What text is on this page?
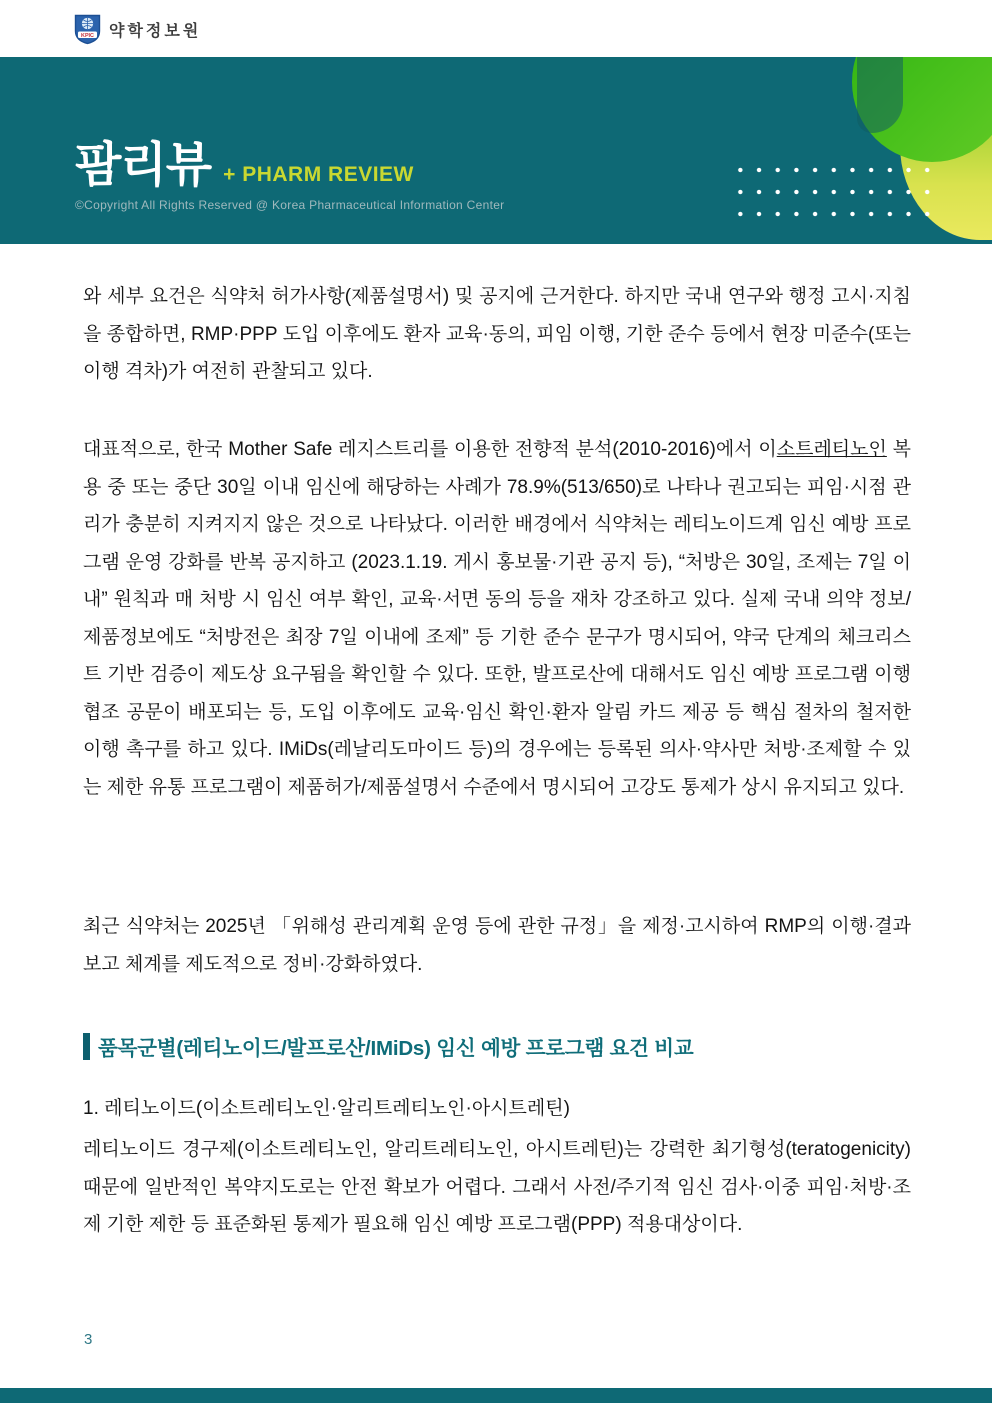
KPIC 약학정보원
팜리뷰 + PHARM REVIEW
©Copyright All Rights Reserved @ Korea Pharmaceutical Information Center

와 세부 요건은 식약처 허가사항(제품설명서) 및 공지에 근거한다. 하지만 국내 연구와 행정 고시·지침을 종합하면, RMP·PPP 도입 이후에도 환자 교육·동의, 피임 이행, 기한 준수 등에서 현장 미준수(또는 이행 격차)가 여전히 관찰되고 있다.

대표적으로, 한국 Mother Safe 레지스트리를 이용한 전향적 분석(2010-2016)에서 이소트레티노인 복용 중 또는 중단 30일 이내 임신에 해당하는 사례가 78.9%(513/650)로 나타나 권고되는 피임·시점 관리가 충분히 지켜지지 않은 것으로 나타났다. 이러한 배경에서 식약처는 레티노이드계 임신 예방 프로그램 운영 강화를 반복 공지하고 (2023.1.19. 게시 홍보물·기관 공지 등), “처방은 30일, 조제는 7일 이내” 원칙과 매 처방 시 임신 여부 확인, 교육·서면 동의 등을 재차 강조하고 있다. 실제 국내 의약 정보/제품정보에도 “처방전은 최장 7일 이내에 조제” 등 기한 준수 문구가 명시되어, 약국 단계의 체크리스트 기반 검증이 제도상 요구됨을 확인할 수 있다. 또한, 발프로산에 대해서도 임신 예방 프로그램 이행 협조 공문이 배포되는 등, 도입 이후에도 교육·임신 확인·환자 알림 카드 제공 등 핵심 절차의 철저한 이행 촉구를 하고 있다. IMiDs(레날리도마이드 등)의 경우에는 등록된 의사·약사만 처방·조제할 수 있는 제한 유통 프로그램이 제품허가/제품설명서 수준에서 명시되어 고강도 통제가 상시 유지되고 있다.

최근 식약처는 2025년 「위해성 관리계획 운영 등에 관한 규정」을 제정·고시하여 RMP의 이행·결과보고 체계를 제도적으로 정비·강화하였다.

품목군별(레티노이드/발프로산/IMiDs) 임신 예방 프로그램 요건 비교

1. 레티노이드(이소트레티노인·알리트레티노인·아시트레틴)

레티노이드 경구제(이소트레티노인, 알리트레티노인, 아시트레틴)는 강력한 최기형성(teratogenicity) 때문에 일반적인 복약지도로는 안전 확보가 어렵다. 그래서 사전/주기적 임신 검사·이중 피임·처방·조제 기한 제한 등 표준화된 통제가 필요해 임신 예방 프로그램(PPP) 적용대상이다.

3
